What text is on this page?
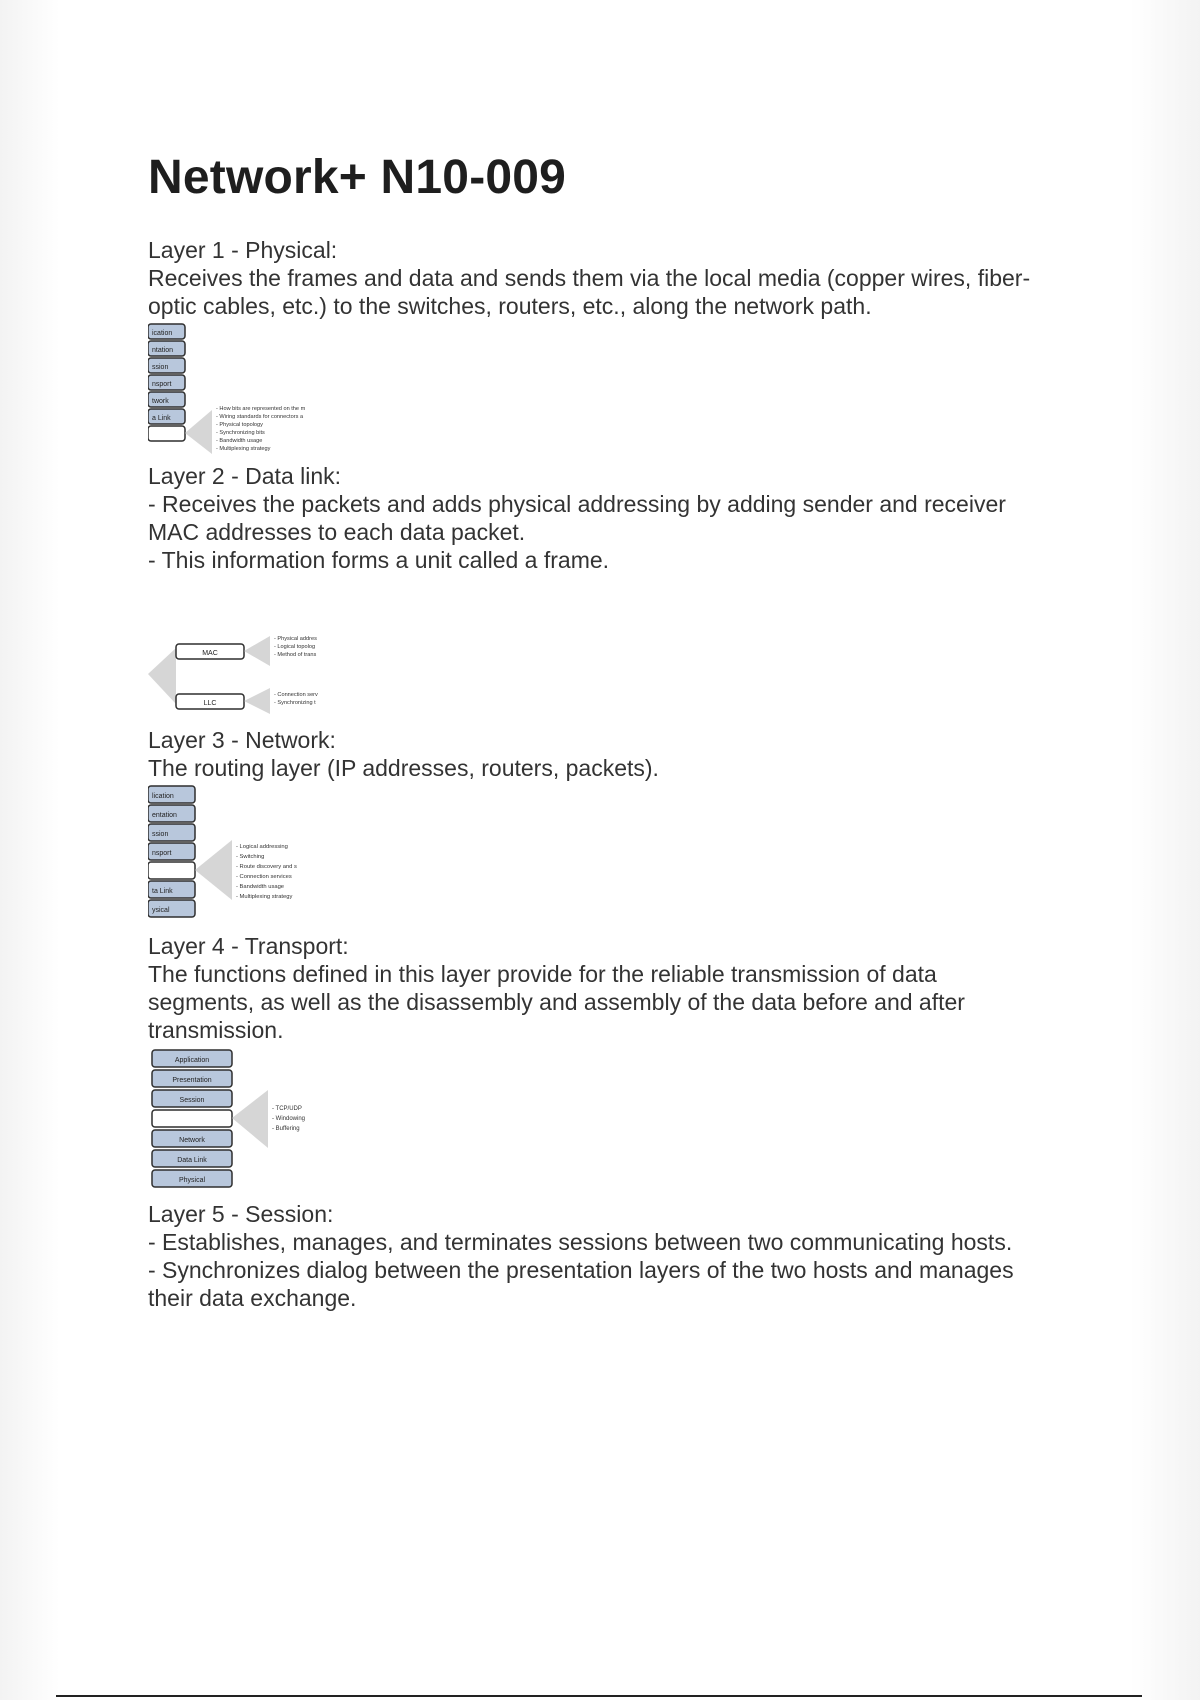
Network+ N10-009

Layer 1 - Physical:

Receives the frames and data and sends them via the local media (copper wires, fiber-

optic cables, etc.) to the switches, routers, etc., along the network path.

ication
ntation
ssion
nsport
twork
a Link
- How bits are represented on the m
- Wiring standards for connectors a
- Physical topology
- Synchronizing bits
- Bandwidth usage
- Multiplexing strategy

Layer 2 - Data link:

- Receives the packets and adds physical addressing by adding sender and receiver

MAC addresses to each data packet.

- This information forms a unit called a frame.

MAC
LLC
- Physical addres
- Logical topolog
- Method of trans
- Connection serv
- Synchronizing t

Layer 3 - Network:

The routing layer (IP addresses, routers, packets).

lication
entation
ssion
nsport
ta Link
ysical
- Logical addressing
- Switching
- Route discovery and s
- Connection services
- Bandwidth usage
- Multiplexing strategy

Layer 4 - Transport:

The functions defined in this layer provide for the reliable transmission of data

segments, as well as the disassembly and assembly of the data before and after

transmission.

Application
Presentation
Session
Network
Data Link
Physical
- TCP/UDP
- Windowing
- Buffering

Layer 5 - Session:

- Establishes, manages, and terminates sessions between two communicating hosts.

- Synchronizes dialog between the presentation layers of the two hosts and manages

their data exchange.
